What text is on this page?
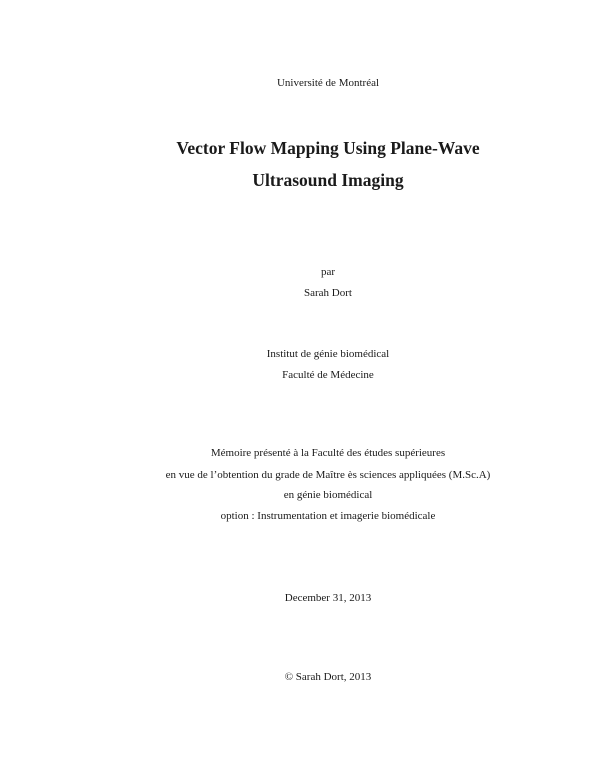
Université de Montréal
Vector Flow Mapping Using Plane-Wave
Ultrasound Imaging
par
Sarah Dort
Institut de génie biomédical
Faculté de Médecine
Mémoire présenté à la Faculté des études supérieures
en vue de l’obtention du grade de Maître ès sciences appliquées (M.Sc.A)
en génie biomédical
option : Instrumentation et imagerie biomédicale
December 31, 2013
© Sarah Dort, 2013
